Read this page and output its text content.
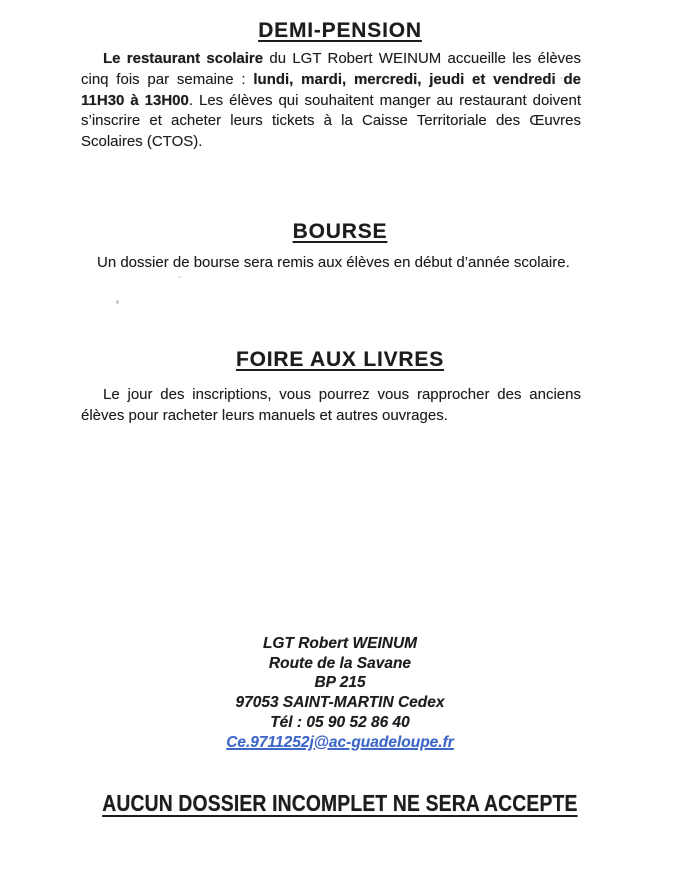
DEMI-PENSION

Le restaurant scolaire du LGT Robert WEINUM accueille les élèves cinq fois par semaine : lundi, mardi, mercredi, jeudi et vendredi de 11H30 à 13H00. Les élèves qui souhaitent manger au restaurant doivent s’inscrire et acheter leurs tickets à la Caisse Territoriale des Œuvres Scolaires (CTOS).

BOURSE

Un dossier de bourse sera remis aux élèves en début d’année scolaire.

FOIRE AUX LIVRES

Le jour des inscriptions, vous pourrez vous rapprocher des anciens élèves pour racheter leurs manuels et autres ouvrages.

LGT Robert WEINUM
Route de la Savane
BP 215
97053 SAINT-MARTIN Cedex
Tél : 05 90 52 86 40
Ce.9711252j@ac-guadeloupe.fr
AUCUN DOSSIER INCOMPLET NE SERA ACCEPTE
